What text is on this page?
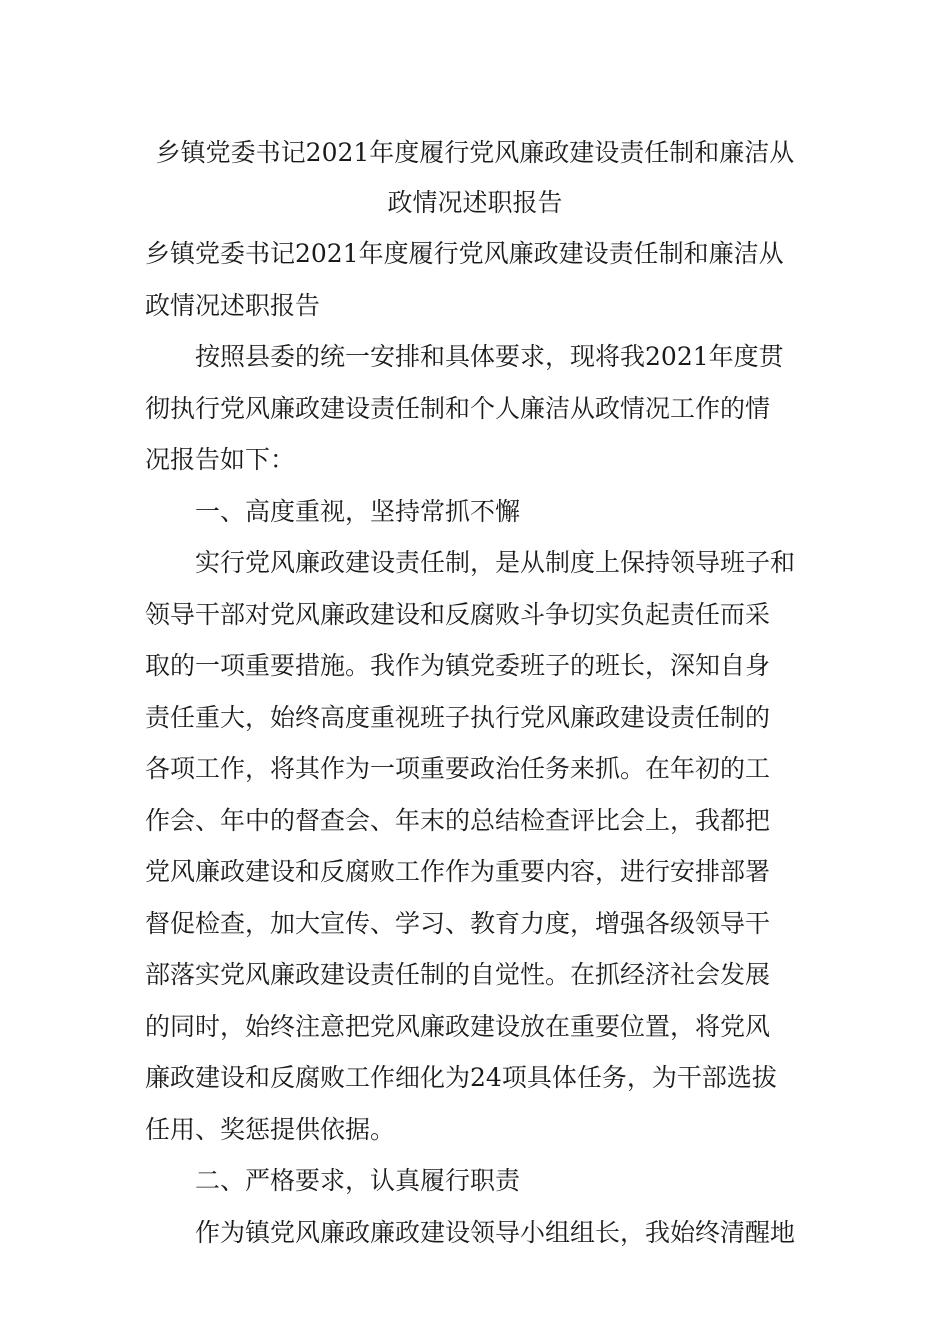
乡镇党委书记2021年度履行党风廉政建设责任制和廉洁从
政情况述职报告

乡镇党委书记2021年度履行党风廉政建设责任制和廉洁从
政情况述职报告

按照县委的统一安排和具体要求，现将我2021年度贯
彻执行党风廉政建设责任制和个人廉洁从政情况工作的情
况报告如下：

一、高度重视，坚持常抓不懈

实行党风廉政建设责任制，是从制度上保持领导班子和
领导干部对党风廉政建设和反腐败斗争切实负起责任而采
取的一项重要措施。我作为镇党委班子的班长，深知自身
责任重大，始终高度重视班子执行党风廉政建设责任制的
各项工作，将其作为一项重要政治任务来抓。在年初的工
作会、年中的督查会、年末的总结检查评比会上，我都把
党风廉政建设和反腐败工作作为重要内容，进行安排部署
督促检查，加大宣传、学习、教育力度，增强各级领导干
部落实党风廉政建设责任制的自觉性。在抓经济社会发展
的同时，始终注意把党风廉政建设放在重要位置，将党风
廉政建设和反腐败工作细化为24项具体任务，为干部选拔
任用、奖惩提供依据。

二、严格要求，认真履行职责

作为镇党风廉政廉政建设领导小组组长，我始终清醒地
